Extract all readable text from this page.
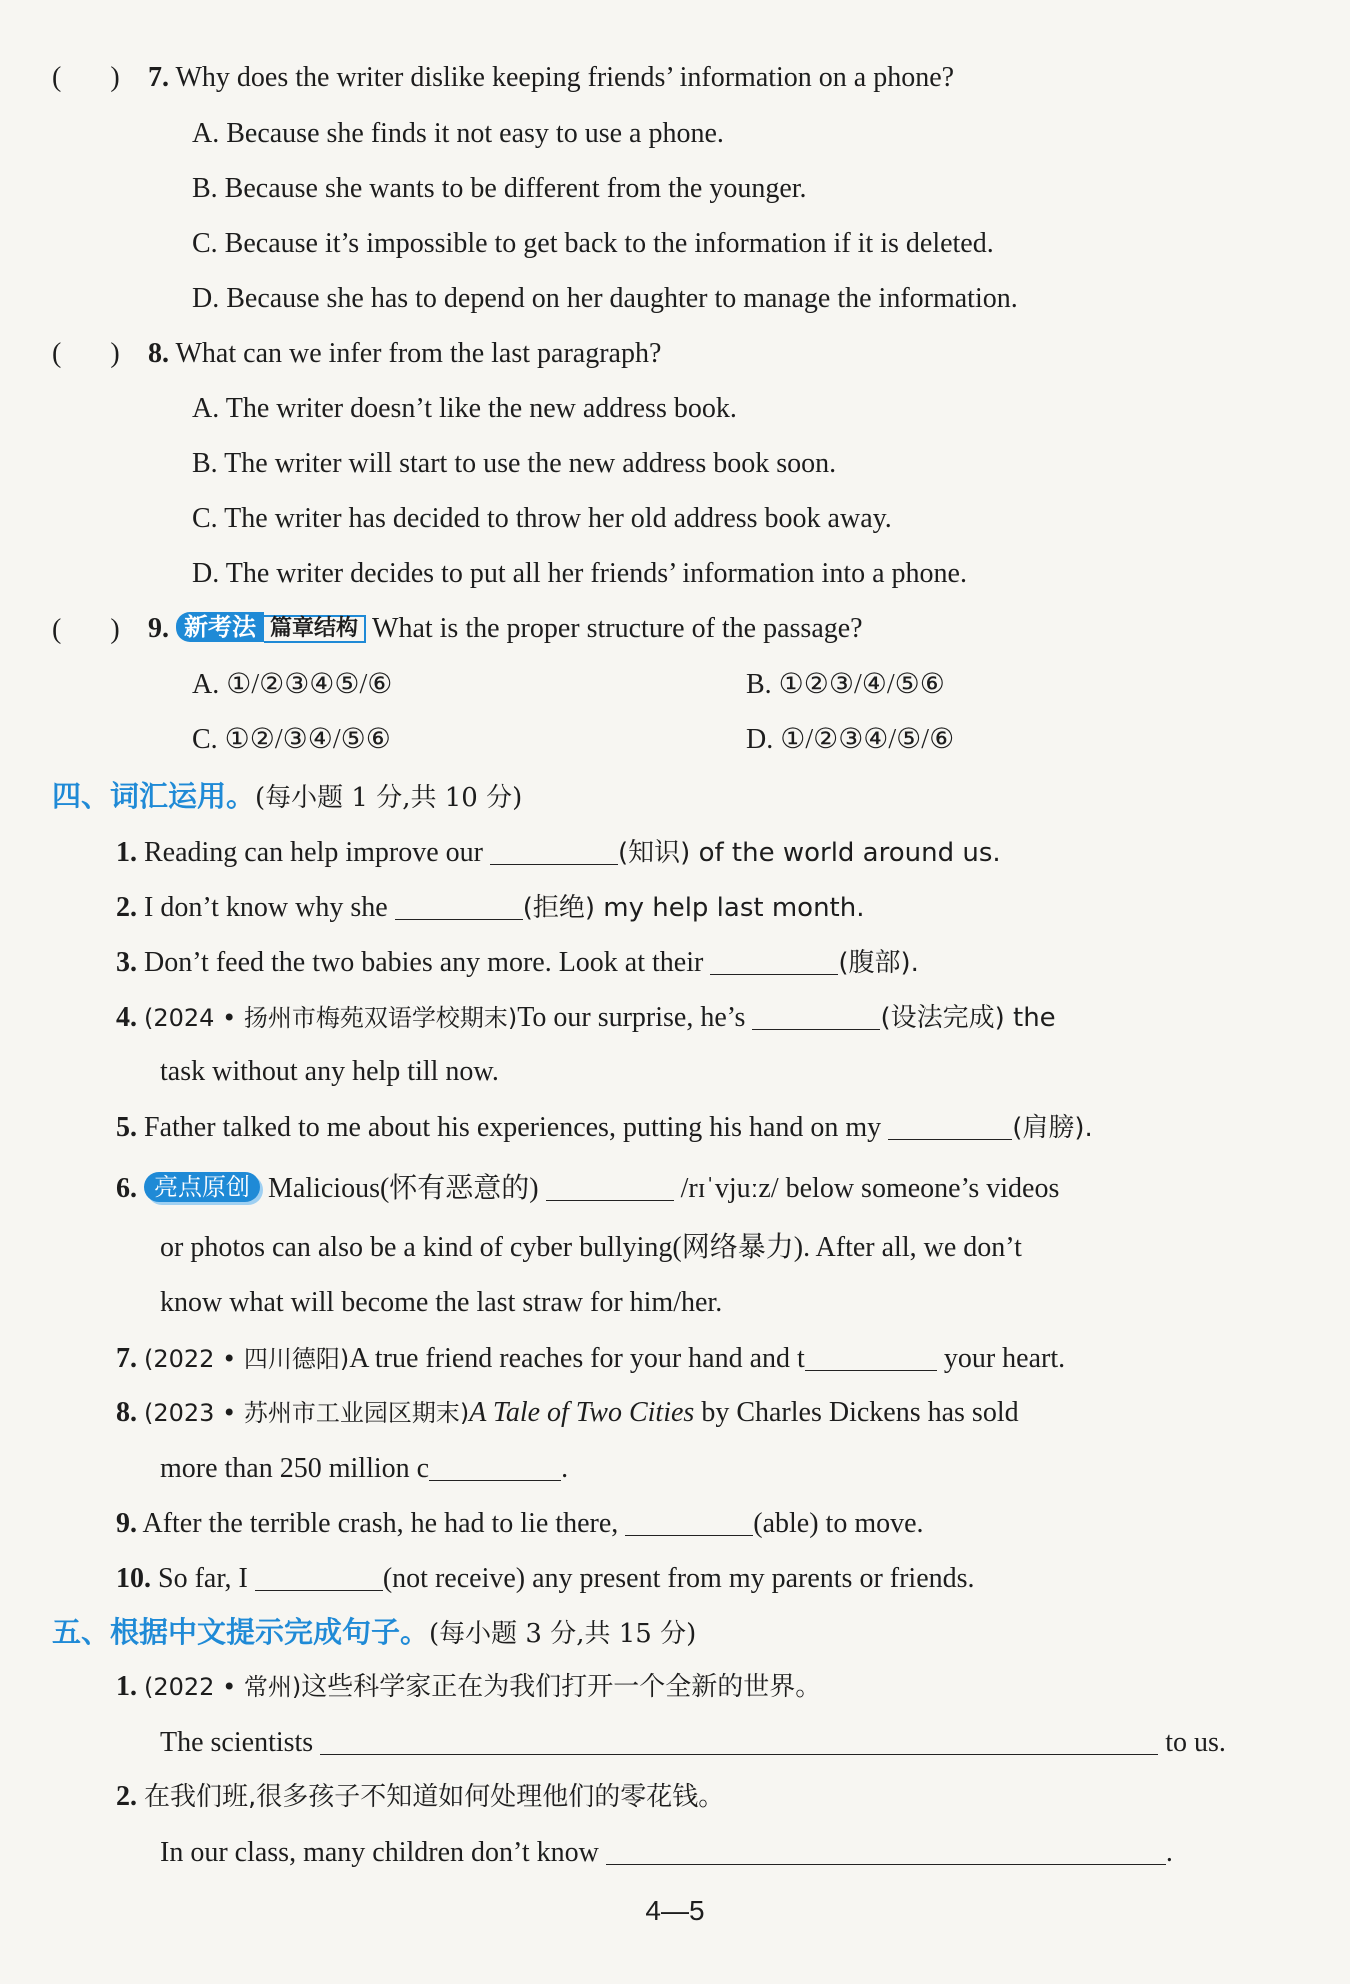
(       ) 7. Why does the writer dislike keeping friends’ information on a phone?
A. Because she finds it not easy to use a phone.
B. Because she wants to be different from the younger.
C. Because it’s impossible to get back to the information if it is deleted.
D. Because she has to depend on her daughter to manage the information.
(       ) 8. What can we infer from the last paragraph?
A. The writer doesn’t like the new address book.
B. The writer will start to use the new address book soon.
C. The writer has decided to throw her old address book away.
D. The writer decides to put all her friends’ information into a phone.
(       ) 9. 新考法 篇章结构 What is the proper structure of the passage?
A. ①/②③④⑤/⑥	B. ①②③/④/⑤⑥
C. ①②/③④/⑤⑥	D. ①/②③④/⑤/⑥
四、词汇运用。(每小题 1 分,共 10 分)
1. Reading can help improve our	(知识) of the world around us.
2. I don’t know why she	(拒绝) my help last month.
3. Don’t feed the two babies any more. Look at their	(腹部).
4. (2024 • 扬州市梅苑双语学校期末)To our surprise, he’s	(设法完成) the
task without any help till now.
5. Father talked to me about his experiences, putting his hand on my	(肩膀).
6. 亮点原创 Malicious(怀有恶意的)	/rɪˈvjuːz/ below someone’s videos
or photos can also be a kind of cyber bullying(网络暴力). After all, we don’t
know what will become the last straw for him/her.
7. (2022 • 四川德阳)A true friend reaches for your hand and t	your heart.
8. (2023 • 苏州市工业园区期末)A Tale of Two Cities by Charles Dickens has sold
more than 250 million c	.
9. After the terrible crash, he had to lie there,	(able) to move.
10. So far, I	(not receive) any present from my parents or friends.
五、根据中文提示完成句子。(每小题 3 分,共 15 分)
1. (2022 • 常州)这些科学家正在为我们打开一个全新的世界。
The scientists	to us.
2. 在我们班,很多孩子不知道如何处理他们的零花钱。
In our class, many children don’t know	.
4—5
